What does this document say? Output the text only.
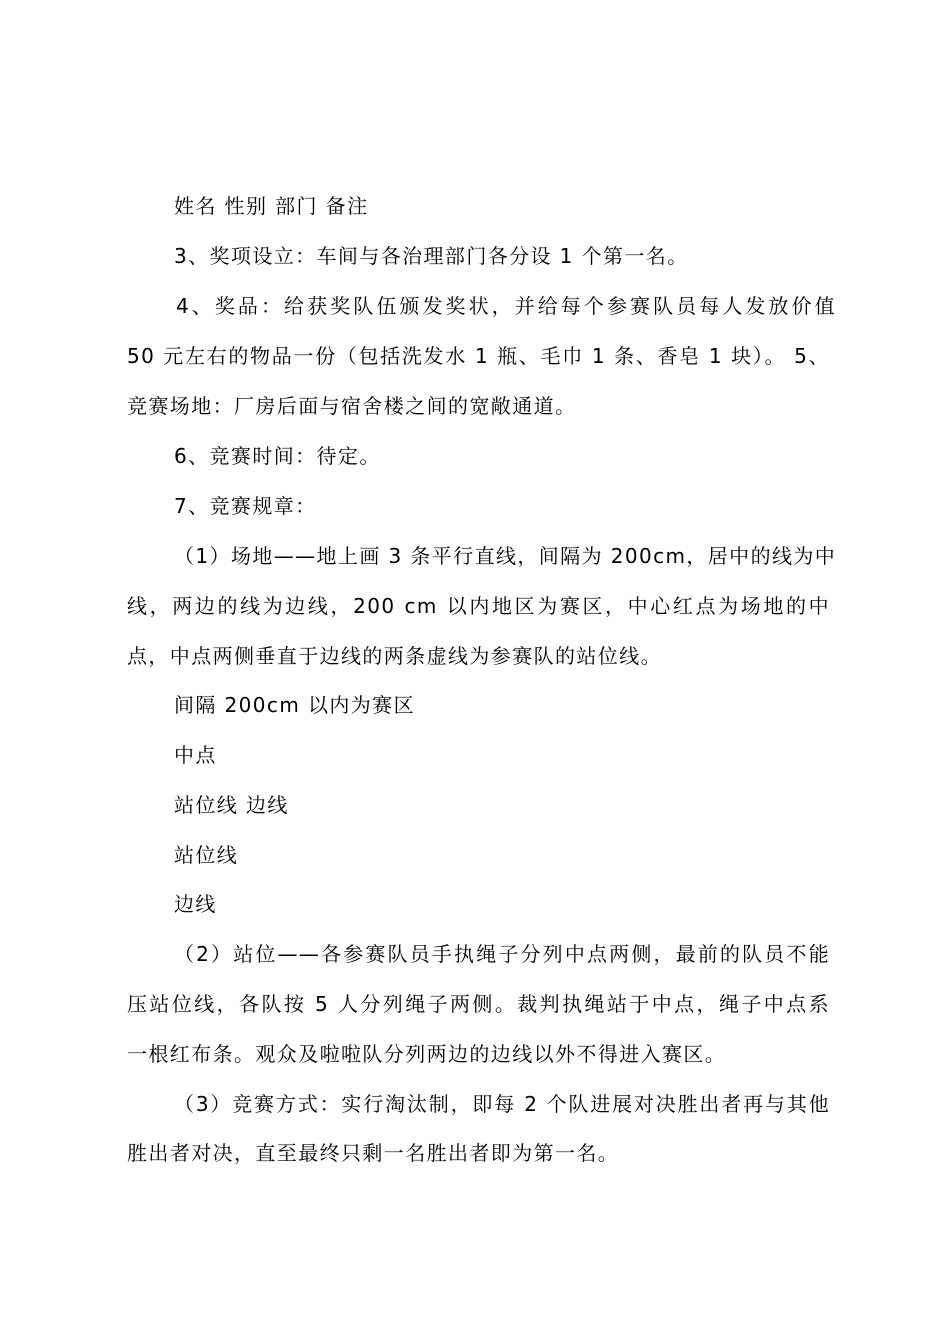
姓名 性别 部门 备注
3、奖项设立：车间与各治理部门各分设 1 个第一名。
4、奖品：给获奖队伍颁发奖状，并给每个参赛队员每人发放价值
50 元左右的物品一份（包括洗发水 1 瓶、毛巾 1 条、香皂 1 块）。 5、
竞赛场地：厂房后面与宿舍楼之间的宽敞通道。
6、竞赛时间：待定。
7、竞赛规章：
（1）场地——地上画 3 条平行直线，间隔为 200cm，居中的线为中
线，两边的线为边线，200 cm 以内地区为赛区，中心红点为场地的中
点，中点两侧垂直于边线的两条虚线为参赛队的站位线。
间隔 200cm 以内为赛区
中点
站位线 边线
站位线
边线
（2）站位——各参赛队员手执绳子分列中点两侧，最前的队员不能
压站位线，各队按 5 人分列绳子两侧。裁判执绳站于中点，绳子中点系
一根红布条。观众及啦啦队分列两边的边线以外不得进入赛区。
（3）竞赛方式：实行淘汰制，即每 2 个队进展对决胜出者再与其他
胜出者对决，直至最终只剩一名胜出者即为第一名。
